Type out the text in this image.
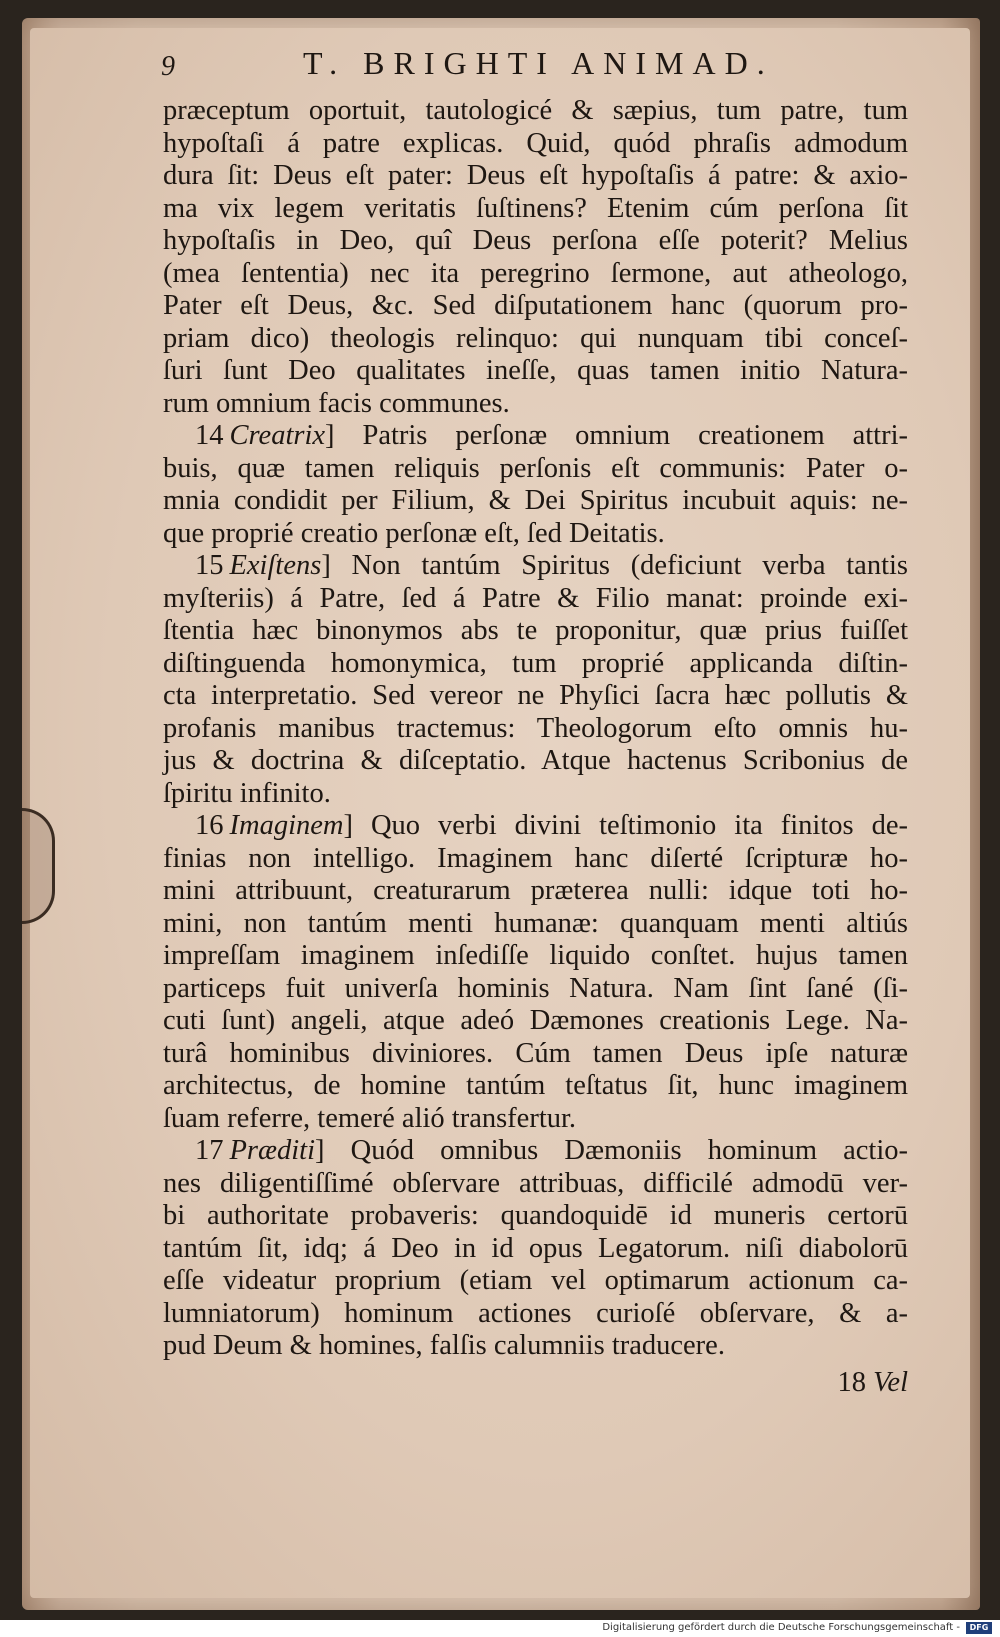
9	T. BRIGHTI ANIMAD.
præceptum oportuit, tautologicé & sæpius, tum patre, tum
hypoſtaſi á patre explicas. Quid, quód phraſis admodum
dura ſit: Deus eſt pater: Deus eſt hypoſtaſis á patre: & axio-
ma vix legem veritatis ſuſtinens? Etenim cúm perſona ſit
hypoſtaſis in Deo, quî Deus perſona eſſe poterit? Melius
(mea ſententia) nec ita peregrino ſermone, aut atheologo,
Pater eſt Deus, &c. Sed diſputationem hanc (quorum pro-
priam dico) theologis relinquo: qui nunquam tibi conceſ-
ſuri ſunt Deo qualitates ineſſe, quas tamen initio Natura-
rum omnium facis communes.
14 Creatrix] Patris perſonæ omnium creationem attri-
buis, quæ tamen reliquis perſonis eſt communis: Pater o-
mnia condidit per Filium, & Dei Spiritus incubuit aquis: ne-
que proprié creatio perſonæ eſt, ſed Deitatis.
15 Exiſtens] Non tantúm Spiritus (deficiunt verba tantis
myſteriis) á Patre, ſed á Patre & Filio manat: proinde exi-
ſtentia hæc binonymos abs te proponitur, quæ prius fuiſſet
diſtinguenda homonymica, tum proprié applicanda diſtin-
cta interpretatio. Sed vereor ne Phyſici ſacra hæc pollutis &
profanis manibus tractemus: Theologorum eſto omnis hu-
jus & doctrina & diſceptatio. Atque hactenus Scribonius de
ſpiritu infinito.
16 Imaginem] Quo verbi divini teſtimonio ita finitos de-
finias non intelligo. Imaginem hanc diſerté ſcripturæ ho-
mini attribuunt, creaturarum præterea nulli: idque toti ho-
mini, non tantúm menti humanæ: quanquam menti altiús
impreſſam imaginem inſediſſe liquido conſtet. hujus tamen
particeps fuit univerſa hominis Natura. Nam ſint ſané (ſi-
cuti ſunt) angeli, atque adeó Dæmones creationis Lege. Na-
turâ hominibus diviniores. Cúm tamen Deus ipſe naturæ
architectus, de homine tantúm teſtatus ſit, hunc imaginem
ſuam referre, temeré alió transfertur.
17 Præditi] Quód omnibus Dæmoniis hominum actio-
nes diligentiſſimé obſervare attribuas, difficilé admodū ver-
bi authoritate probaveris: quandoquidē id muneris certorū
tantúm ſit, idq; á Deo in id opus Legatorum. niſi diabolorū
eſſe videatur proprium (etiam vel optimarum actionum ca-
lumniatorum) hominum actiones curioſé obſervare, & a-
pud Deum & homines, falſis calumniis traducere.
18 Vel
Digitalisierung gefördert durch die Deutsche Forschungsgemeinschaft -	DFG
